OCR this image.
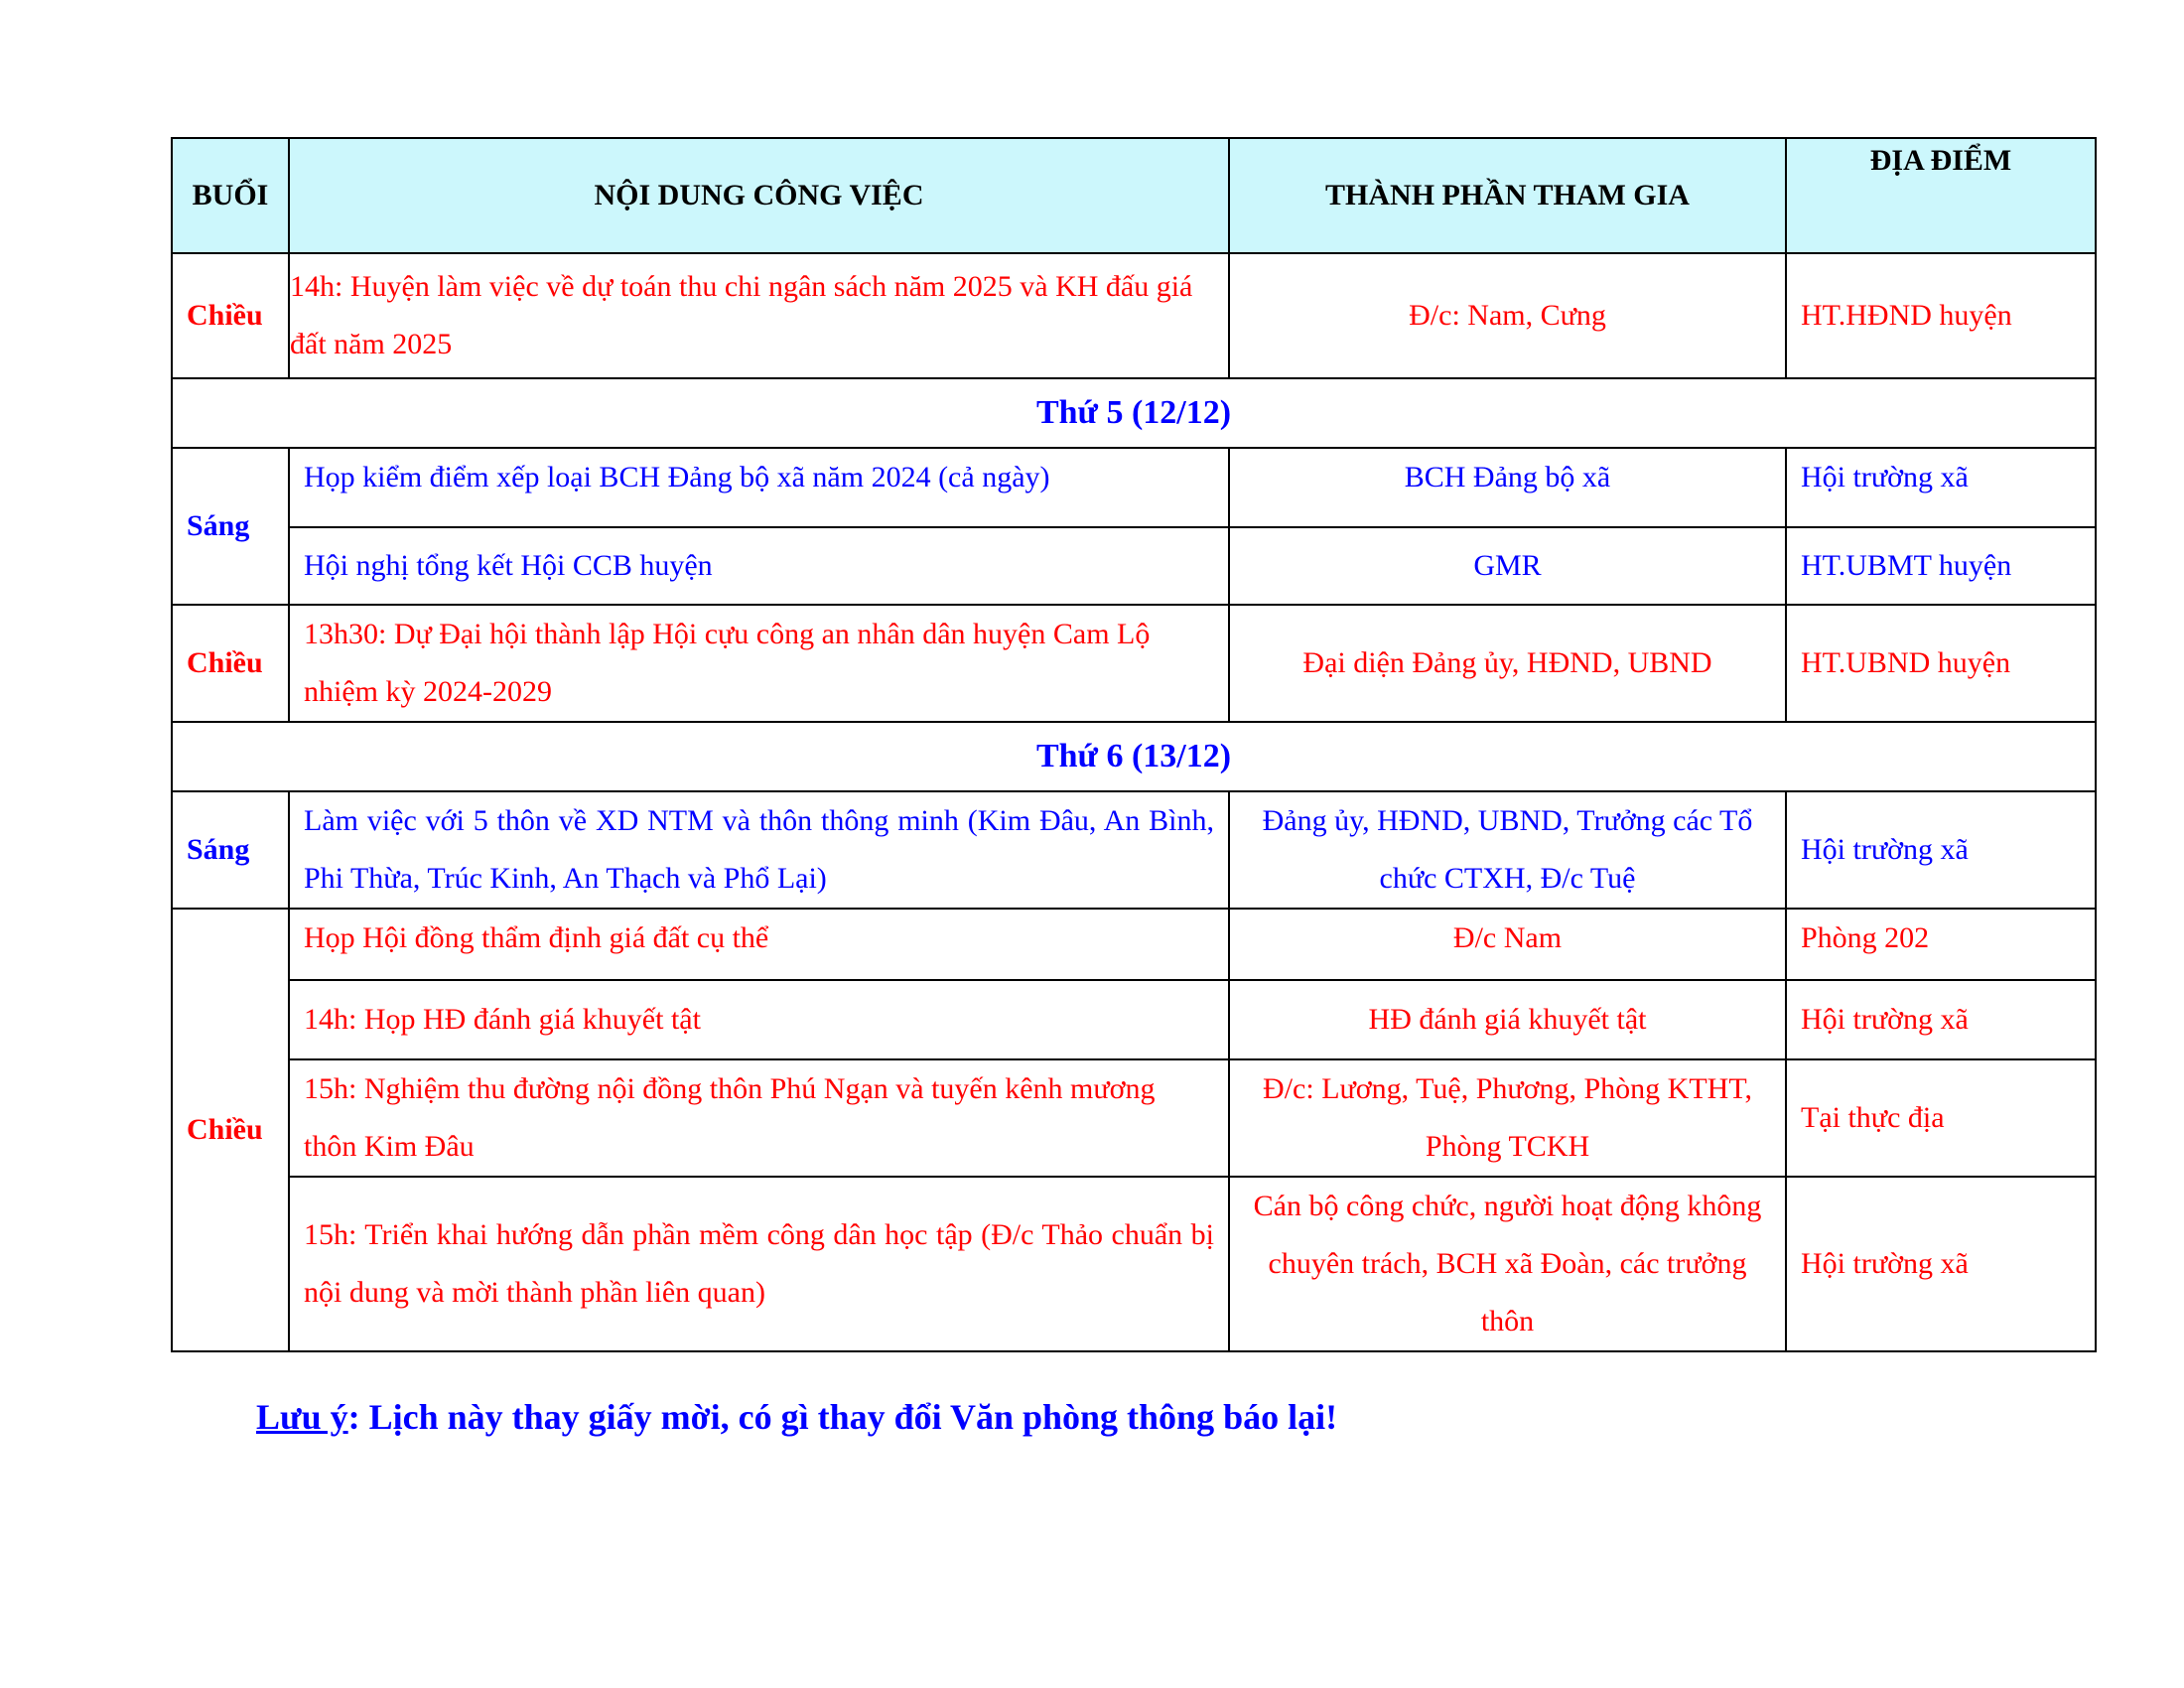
BUỔI	NỘI DUNG CÔNG VIỆC	THÀNH PHẦN THAM GIA	ĐỊA ĐIỂM
Chiều	14h: Huyện làm việc về dự toán thu chi ngân sách năm 2025 và KH đấu giá đất năm 2025	Đ/c: Nam, Cưng	HT.HĐND huyện
Thứ 5 (12/12)			
Sáng	Họp kiểm điểm xếp loại BCH Đảng bộ xã năm 2024 (cả ngày)	BCH Đảng bộ xã	Hội trường xã
	Hội nghị tổng kết Hội CCB huyện	GMR	HT.UBMT huyện
Chiều	13h30: Dự Đại hội thành lập Hội cựu công an nhân dân huyện Cam Lộ nhiệm kỳ 2024-2029	Đại diện Đảng ủy, HĐND, UBND	HT.UBND huyện
Thứ 6 (13/12)			
Sáng	Làm việc với 5 thôn về XD NTM và thôn thông minh (Kim Đâu, An Bình, Phi Thừa, Trúc Kinh, An Thạch và Phổ Lại)	Đảng ủy, HĐND, UBND, Trưởng các Tổ chức CTXH, Đ/c Tuệ	Hội trường xã
Chiều	Họp Hội đồng thẩm định giá đất cụ thể	Đ/c Nam	Phòng 202
	14h: Họp HĐ đánh giá khuyết tật	HĐ đánh giá khuyết tật	Hội trường xã
	15h: Nghiệm thu đường nội đồng thôn Phú Ngạn và tuyến kênh mương thôn Kim Đâu	Đ/c: Lương, Tuệ, Phương, Phòng KTHT, Phòng TCKH	Tại thực địa
	15h: Triển khai hướng dẫn phần mềm công dân học tập (Đ/c Thảo chuẩn bị nội dung và mời thành phần liên quan)	Cán bộ công chức, người hoạt động không chuyên trách, BCH xã Đoàn, các trưởng thôn	Hội trường xã
Lưu ý: Lịch này thay giấy mời, có gì thay đổi Văn phòng thông báo lại!
